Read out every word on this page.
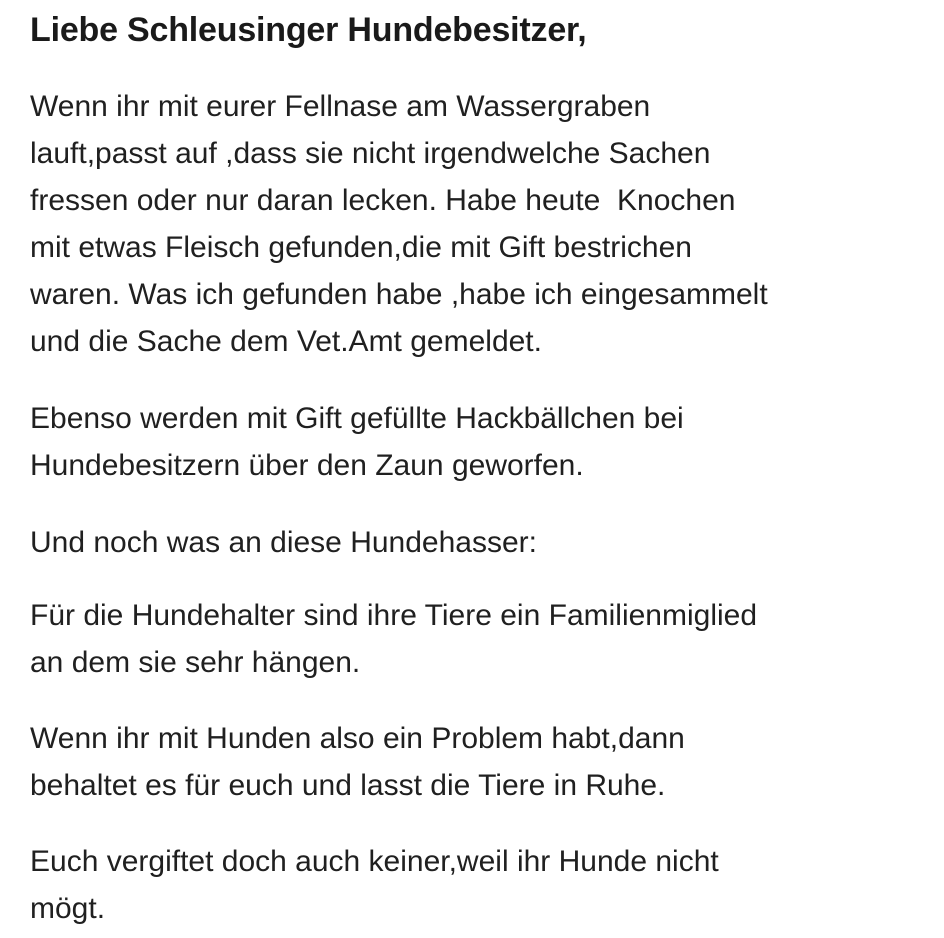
Liebe Schleusinger Hundebesitzer,

Wenn ihr mit eurer Fellnase am Wassergraben
lauft,passt auf ,dass sie nicht irgendwelche Sachen
fressen oder nur daran lecken. Habe heute  Knochen
mit etwas Fleisch gefunden,die mit Gift bestrichen
waren. Was ich gefunden habe ,habe ich eingesammelt
und die Sache dem Vet.Amt gemeldet.

Ebenso werden mit Gift gefüllte Hackbällchen bei
Hundebesitzern über den Zaun geworfen.

Und noch was an diese Hundehasser:

Für die Hundehalter sind ihre Tiere ein Familienmiglied
an dem sie sehr hängen.

Wenn ihr mit Hunden also ein Problem habt,dann
behaltet es für euch und lasst die Tiere in Ruhe.

Euch vergiftet doch auch keiner,weil ihr Hunde nicht
mögt.
